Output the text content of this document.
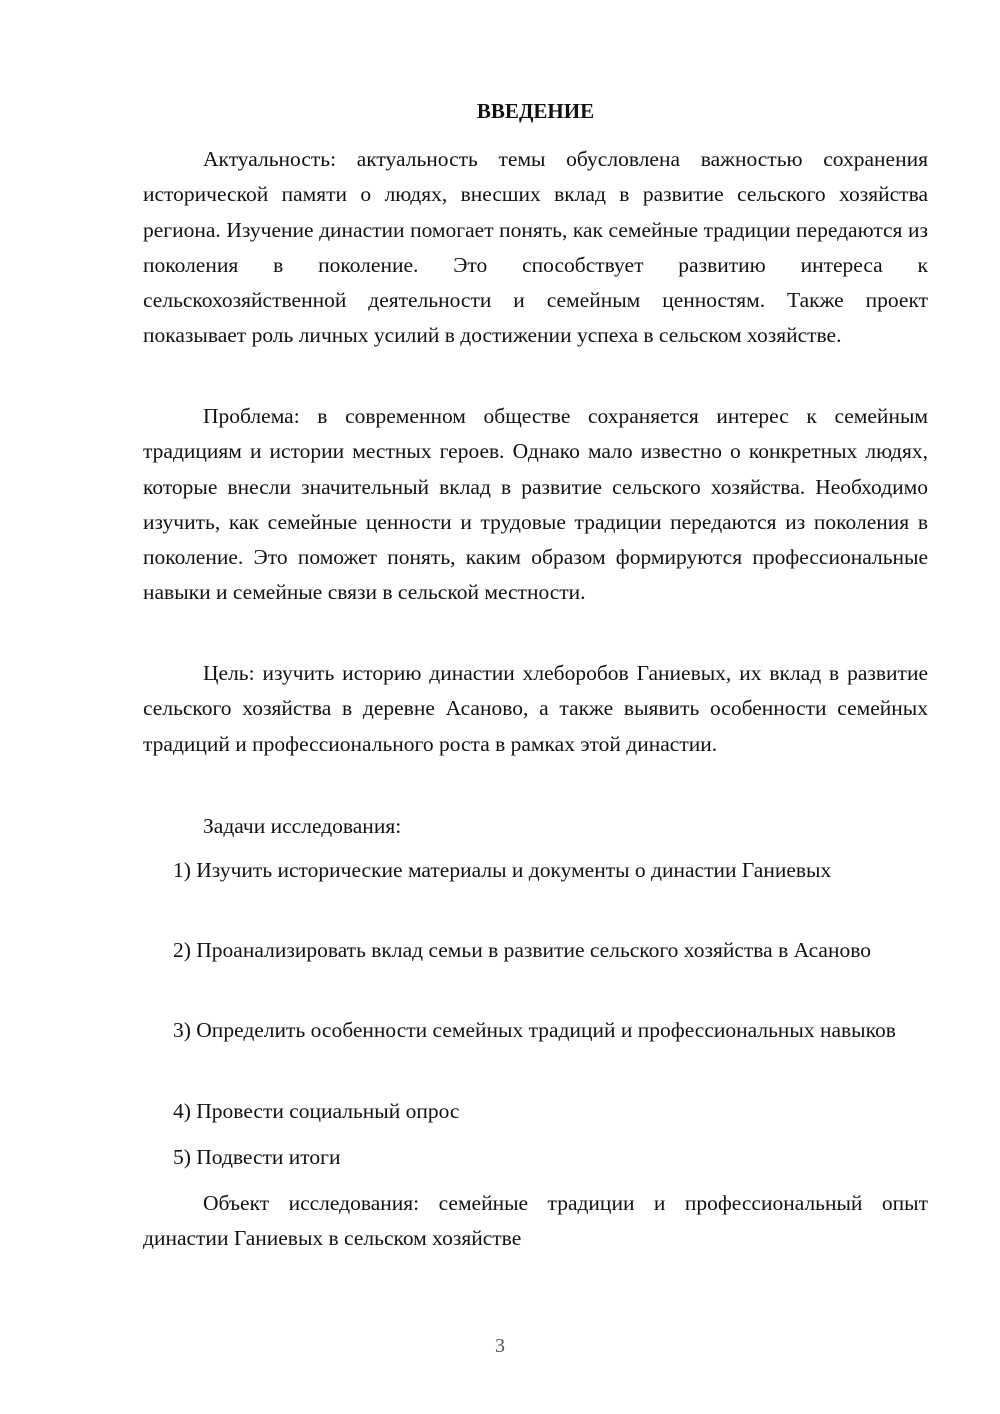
ВВЕДЕНИЕ

Актуальность: актуальность темы обусловлена важностью сохранения исторической памяти о людях, внесших вклад в развитие сельского хозяйства региона. Изучение династии помогает понять, как семейные традиции передаются из поколения в поколение. Это способствует развитию интереса к сельскохозяйственной деятельности и семейным ценностям. Также проект показывает роль личных усилий в достижении успеха в сельском хозяйстве.

Проблема: в современном обществе сохраняется интерес к семейным традициям и истории местных героев. Однако мало известно о конкретных людях, которые внесли значительный вклад в развитие сельского хозяйства. Необходимо изучить, как семейные ценности и трудовые традиции передаются из поколения в поколение. Это поможет понять, каким образом формируются профессиональные навыки и семейные связи в сельской местности.

Цель: изучить историю династии хлеборобов Ганиевых, их вклад в развитие сельского хозяйства в деревне Асаново, а также выявить особенности семейных традиций и профессионального роста в рамках этой династии.

Задачи исследования:

1) Изучить исторические материалы и документы о династии Ганиевых

2) Проанализировать вклад семьи в развитие сельского хозяйства в Асаново

3) Определить особенности семейных традиций и профессиональных навыков

4) Провести социальный опрос

5) Подвести итоги

Объект исследования: семейные традиции и профессиональный опыт династии Ганиевых в сельском хозяйстве

3
